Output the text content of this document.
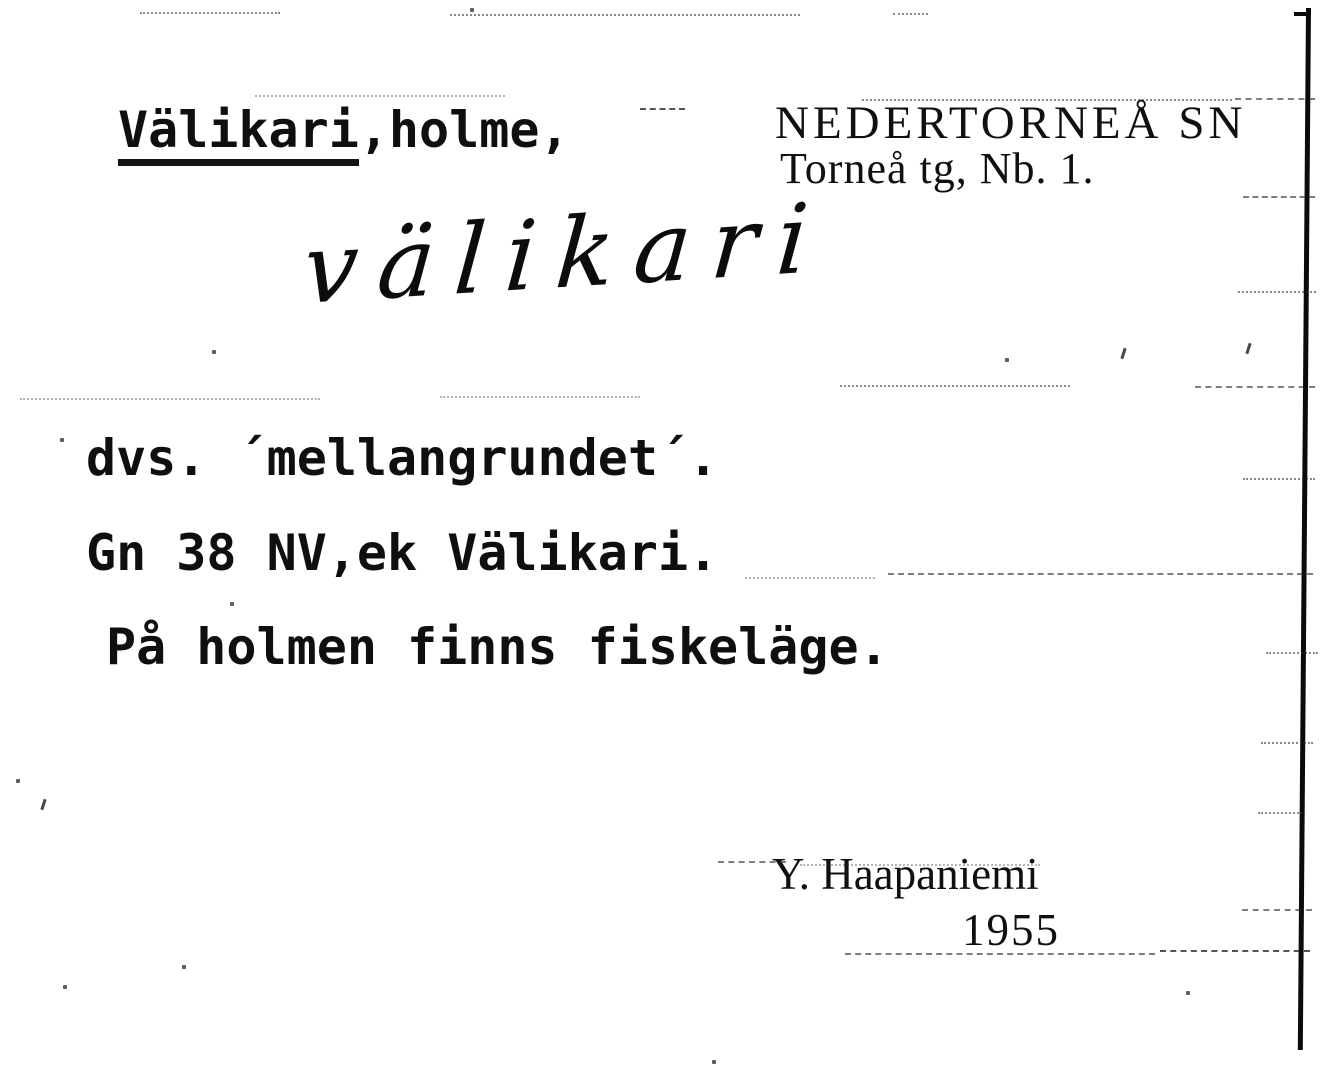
Välikari,holme,	NEDERTORNEÅ SN
Torneå tg, Nb. 1.
välikari
dvs. ´mellangrundet´.
Gn 38 NV,ek Välikari.
På holmen finns fiskeläge.
Y. Haapaniemi
1955
